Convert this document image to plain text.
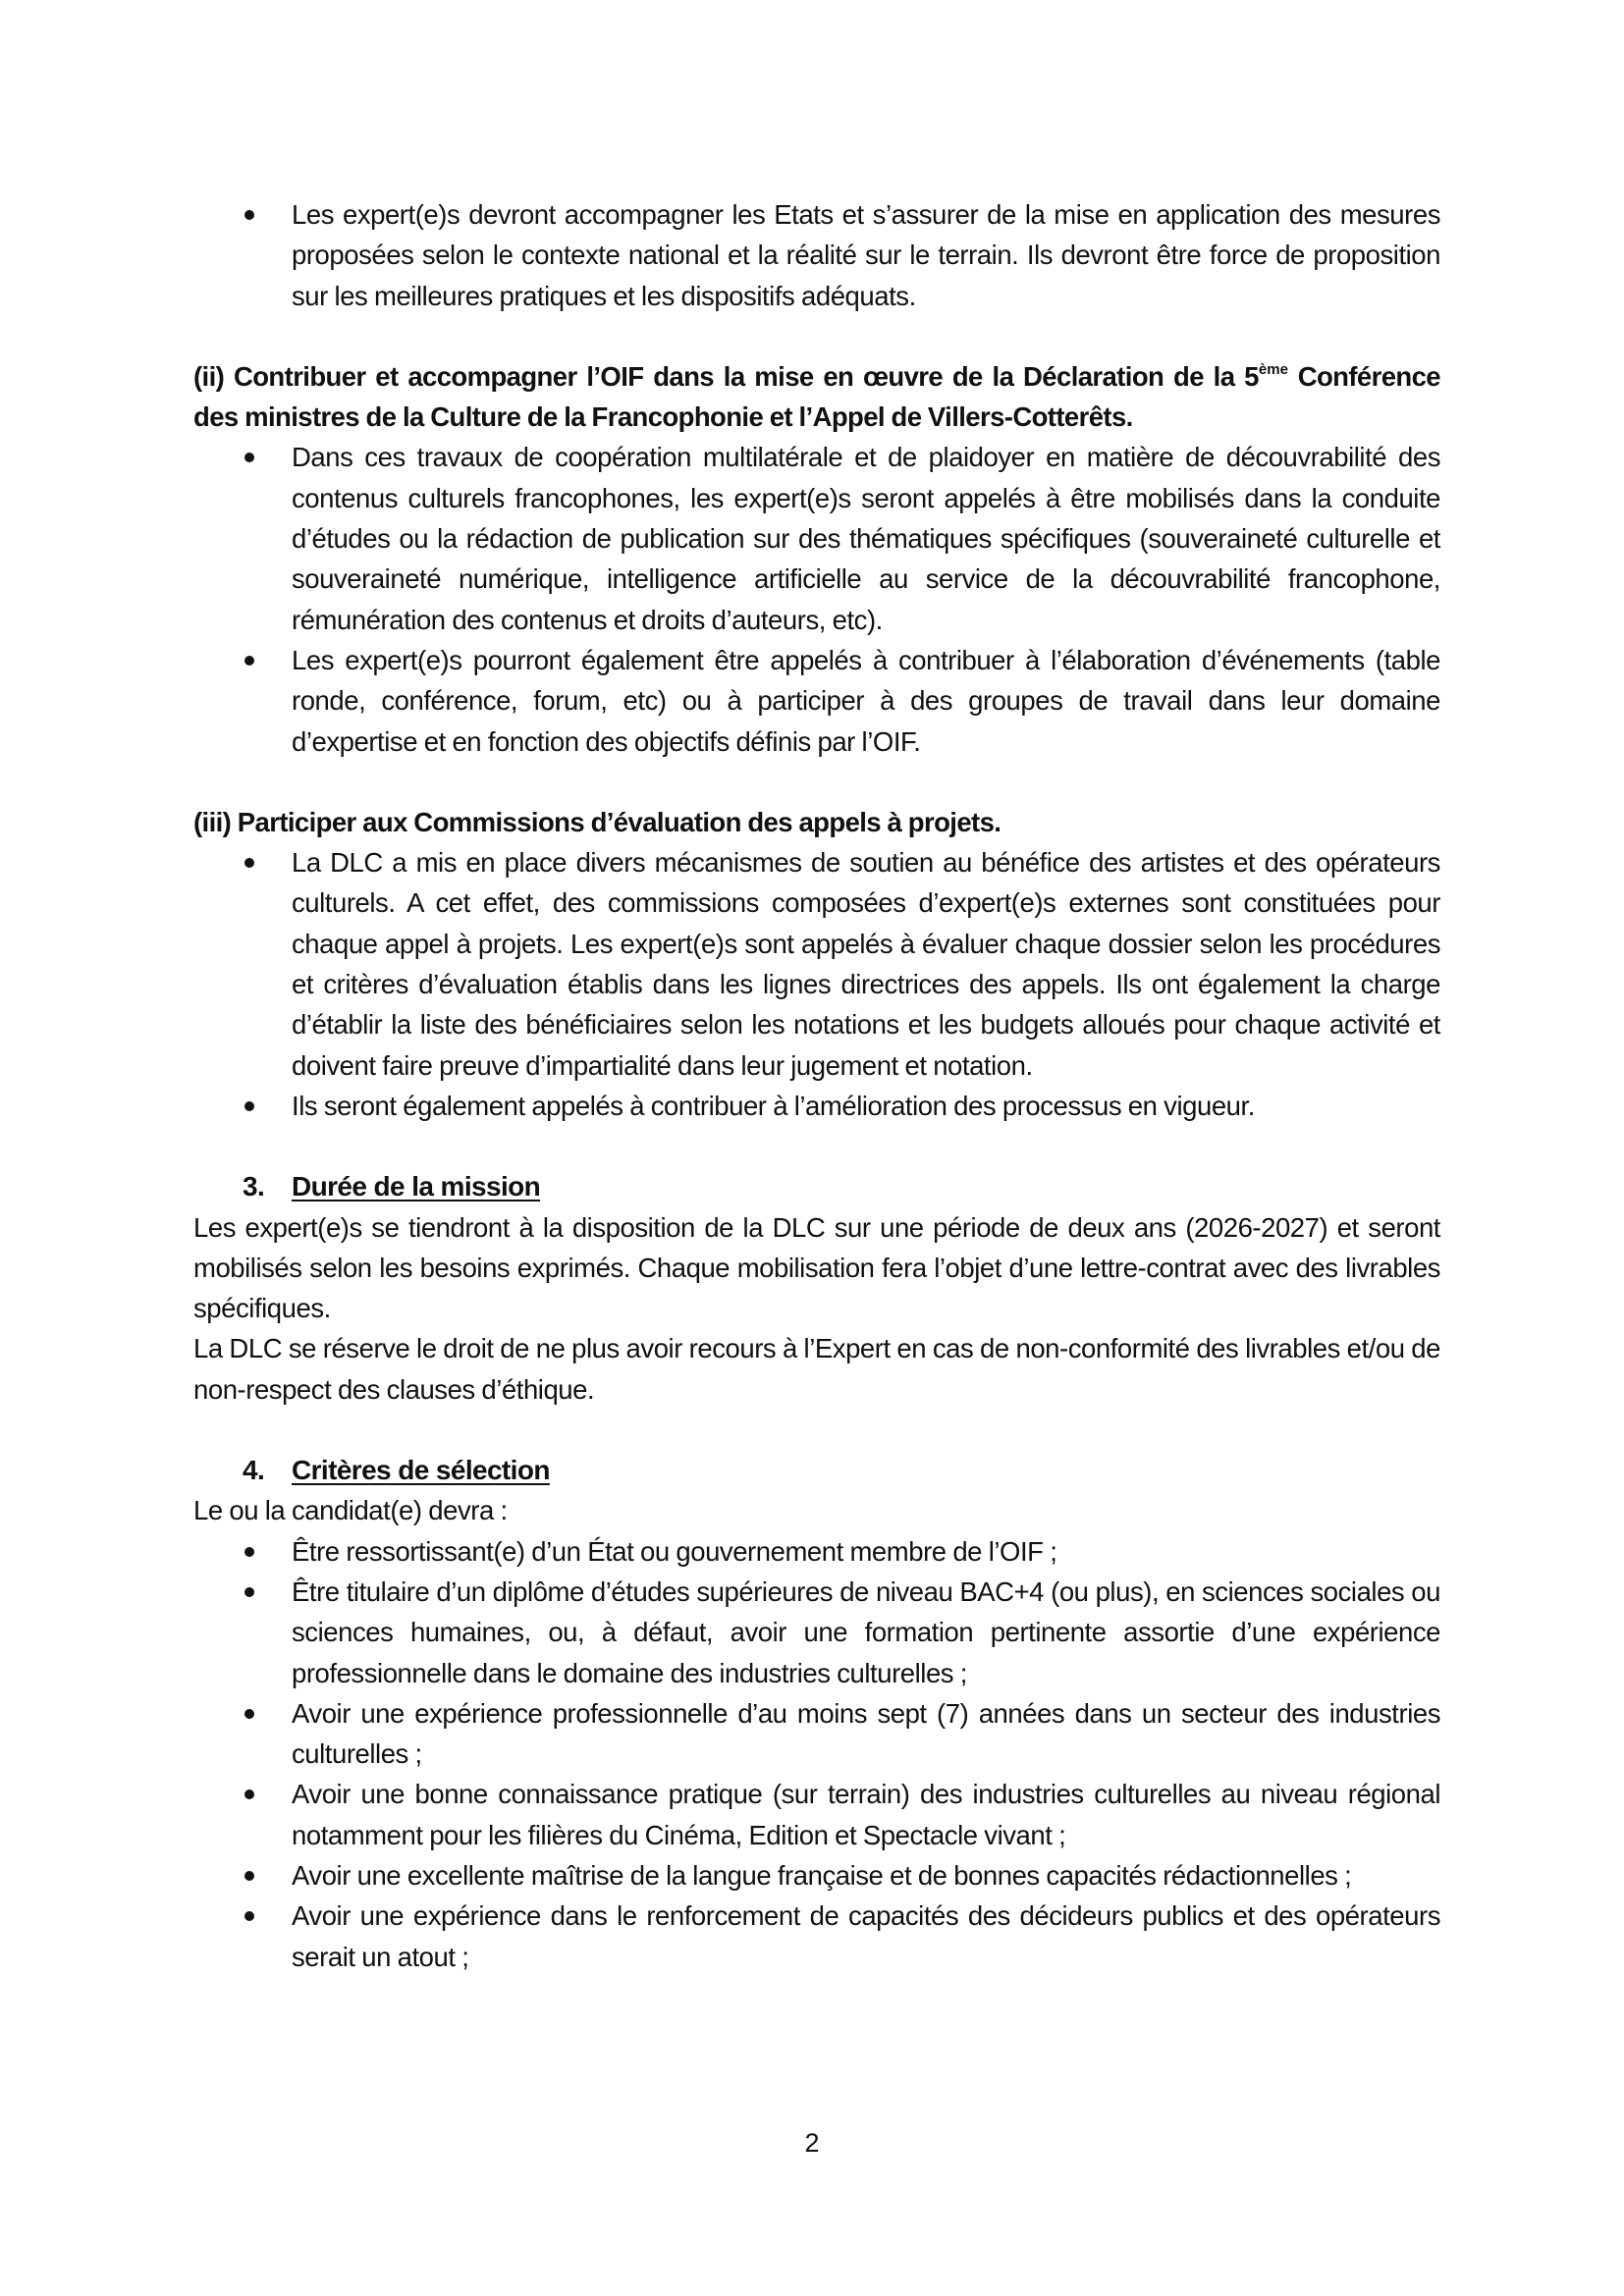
Les expert(e)s devront accompagner les Etats et s’assurer de la mise en application des mesures proposées selon le contexte national et la réalité sur le terrain. Ils devront être force de proposition sur les meilleures pratiques et les dispositifs adéquats.
(ii) Contribuer et accompagner l’OIF dans la mise en œuvre de la Déclaration de la 5ème Conférence des ministres de la Culture de la Francophonie et l’Appel de Villers-Cotterêts.
Dans ces travaux de coopération multilatérale et de plaidoyer en matière de découvrabilité des contenus culturels francophones, les expert(e)s seront appelés à être mobilisés dans la conduite d’études ou la rédaction de publication sur des thématiques spécifiques (souveraineté culturelle et souveraineté numérique, intelligence artificielle au service de la découvrabilité francophone, rémunération des contenus et droits d’auteurs, etc).
Les expert(e)s pourront également être appelés à contribuer à l’élaboration d’événements (table ronde, conférence, forum, etc) ou à participer à des groupes de travail dans leur domaine d’expertise et en fonction des objectifs définis par l’OIF.
(iii) Participer aux Commissions d’évaluation des appels à projets.
La DLC a mis en place divers mécanismes de soutien au bénéfice des artistes et des opérateurs culturels. A cet effet, des commissions composées d’expert(e)s externes sont constituées pour chaque appel à projets. Les expert(e)s sont appelés à évaluer chaque dossier selon les procédures et critères d’évaluation établis dans les lignes directrices des appels. Ils ont également la charge d’établir la liste des bénéficiaires selon les notations et les budgets alloués pour chaque activité et doivent faire preuve d’impartialité dans leur jugement et notation.
Ils seront également appelés à contribuer à l’amélioration des processus en vigueur.
3. Durée de la mission
Les expert(e)s se tiendront à la disposition de la DLC sur une période de deux ans (2026-2027) et seront mobilisés selon les besoins exprimés. Chaque mobilisation fera l’objet d’une lettre-contrat avec des livrables spécifiques.
La DLC se réserve le droit de ne plus avoir recours à l’Expert en cas de non-conformité des livrables et/ou de non-respect des clauses d’éthique.
4. Critères de sélection
Le ou la candidat(e) devra :
Être ressortissant(e) d’un État ou gouvernement membre de l’OIF ;
Être titulaire d’un diplôme d’études supérieures de niveau BAC+4 (ou plus), en sciences sociales ou sciences humaines, ou, à défaut, avoir une formation pertinente assortie d’une expérience professionnelle dans le domaine des industries culturelles ;
Avoir une expérience professionnelle d’au moins sept (7) années dans un secteur des industries culturelles ;
Avoir une bonne connaissance pratique (sur terrain) des industries culturelles au niveau régional notamment pour les filières du Cinéma, Edition et Spectacle vivant ;
Avoir une excellente maîtrise de la langue française et de bonnes capacités rédactionnelles ;
Avoir une expérience dans le renforcement de capacités des décideurs publics et des opérateurs serait un atout ;
2
